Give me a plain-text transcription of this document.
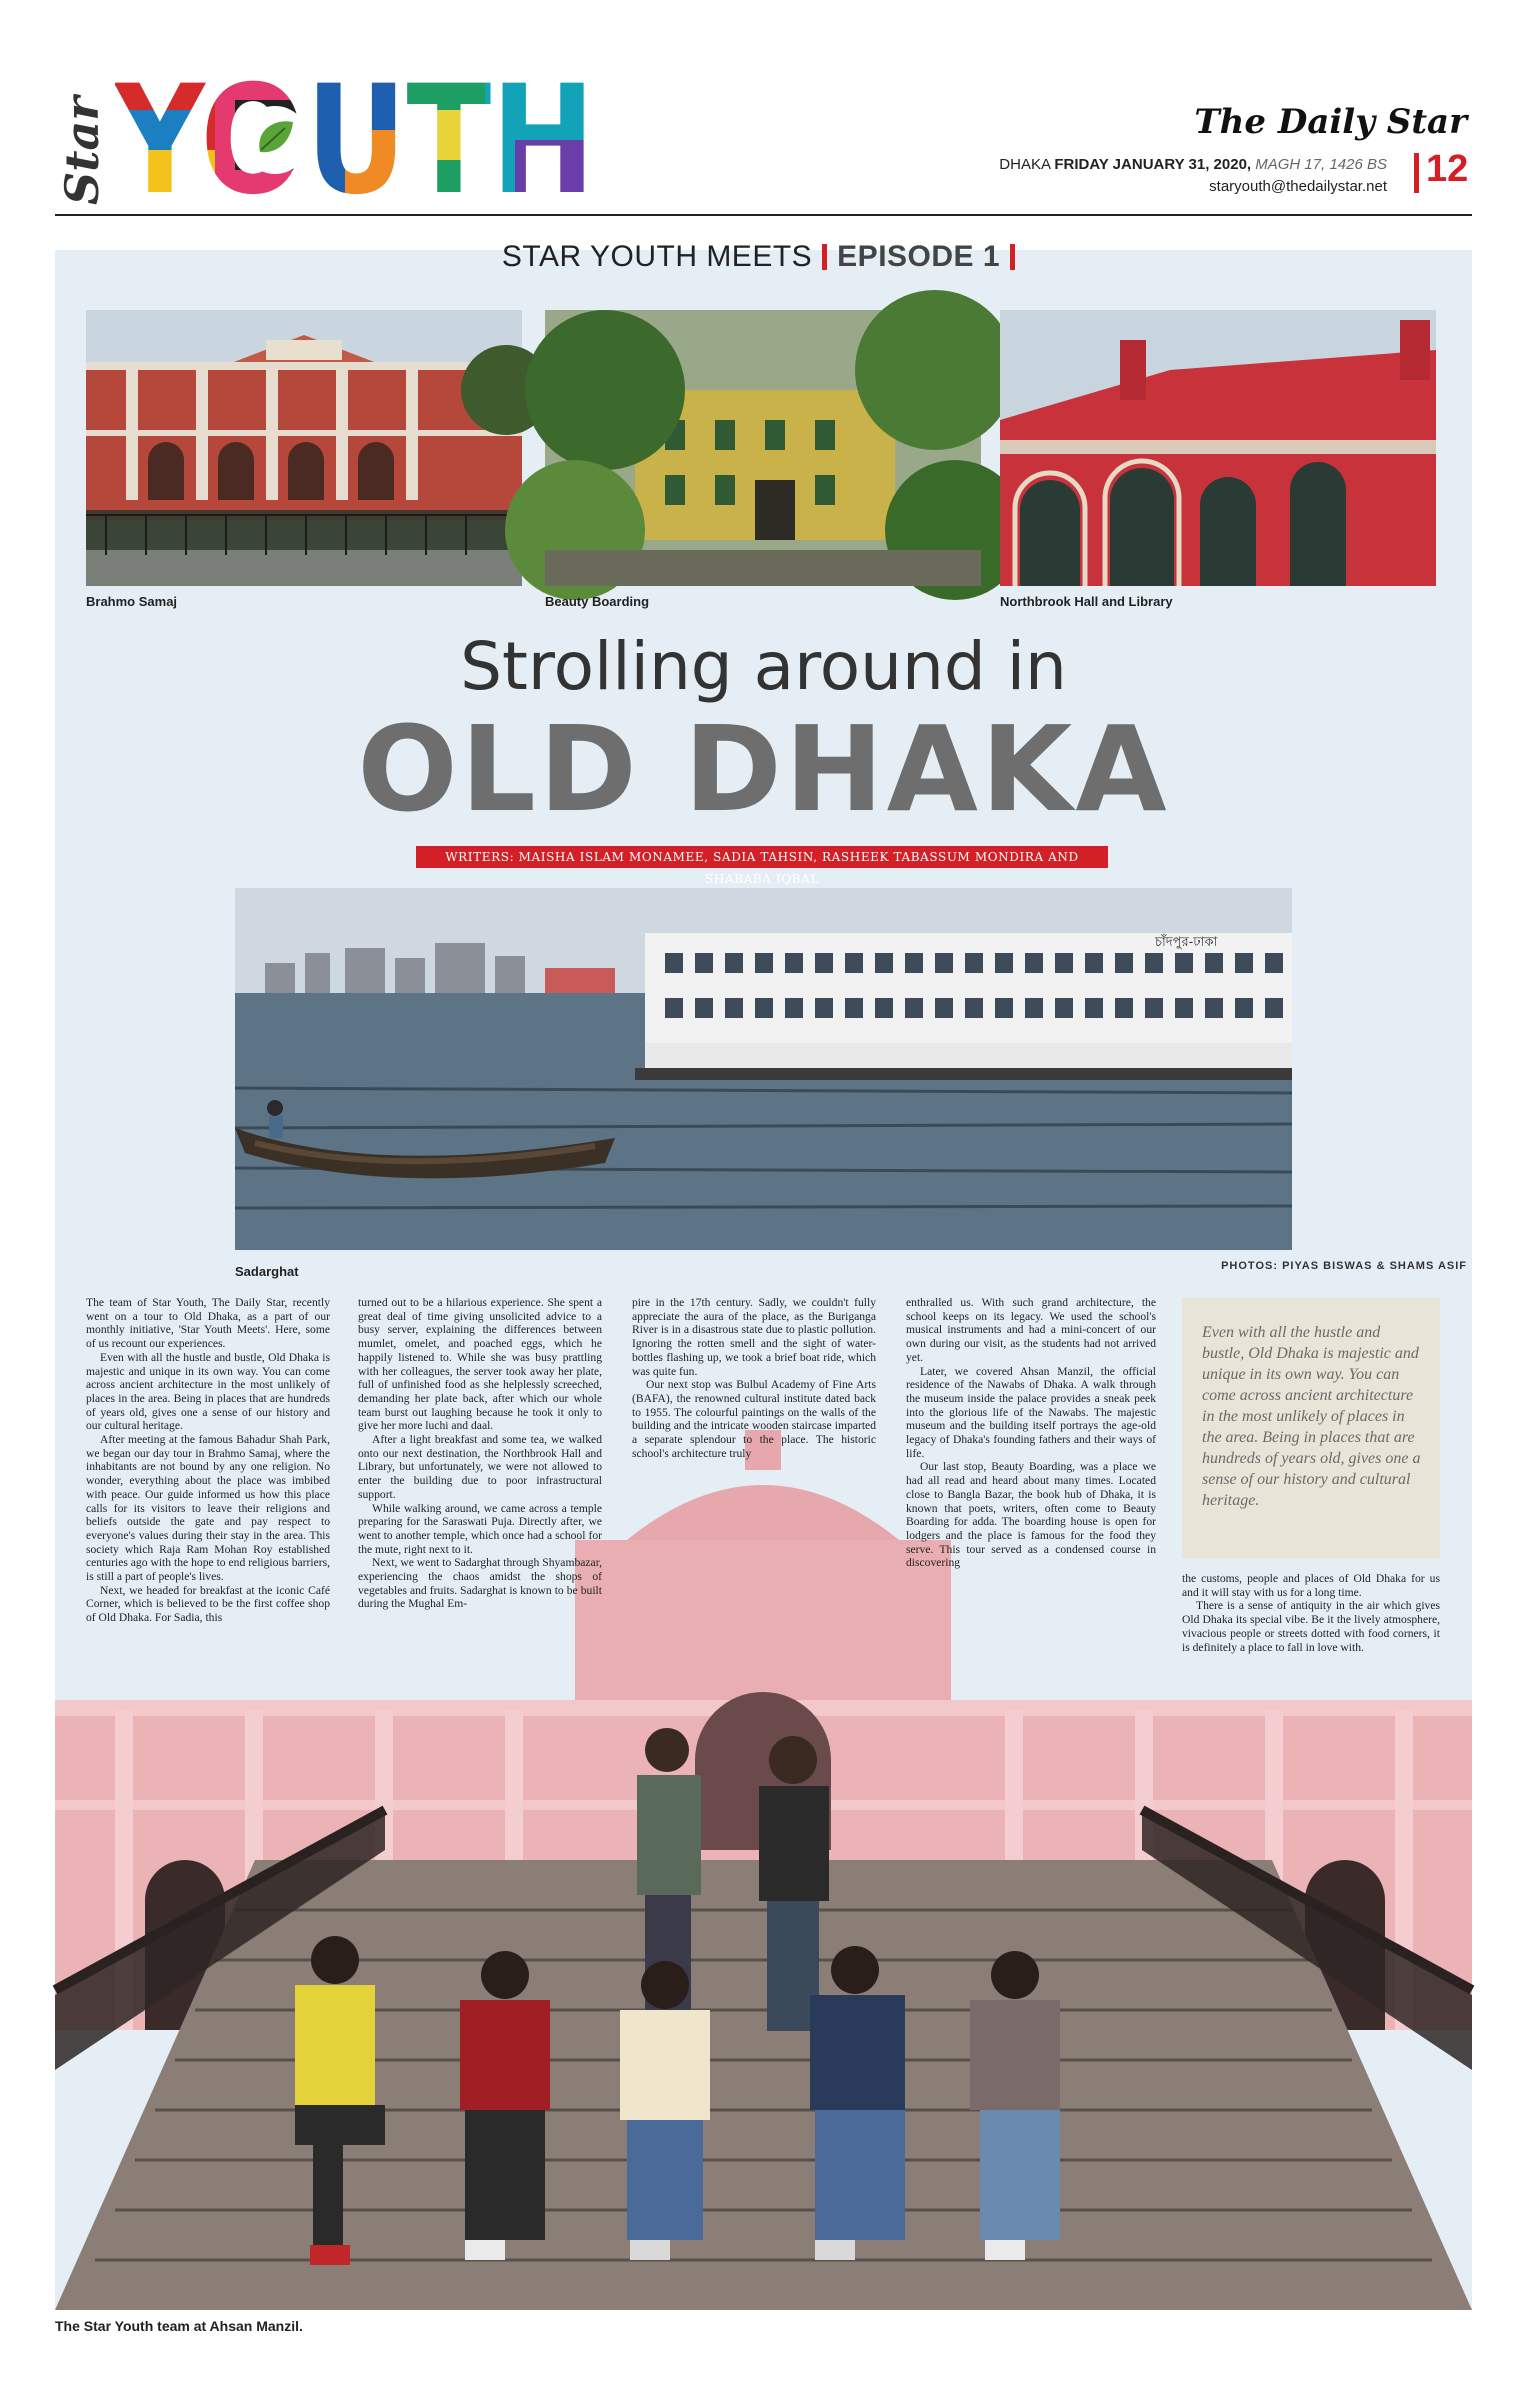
Star	The Daily Star
DHAKA FRIDAY JANUARY 31, 2020, MAGH 17, 1426 BS
staryouth@thedailystar.net 12
STAR YOUTH MEETS EPISODE 1
Brahmo Samaj	Beauty Boarding	Northbrook Hall and Library
Strolling around in
OLD DHAKA
WRITERS: MAISHA ISLAM MONAMEE, SADIA TAHSIN, RASHEEK TABASSUM MONDIRA AND SHABABA IQBAL
চাঁদপুর-ঢাকা
Sadarghat	PHOTOS: PIYAS BISWAS & SHAMS ASIF
The Star Youth team at Ahsan Manzil.

The team of Star Youth, The Daily Star, recently went on a tour to Old Dhaka, as a part of our monthly initiative, 'Star Youth Meets'. Here, some of us recount our experiences.

Even with all the hustle and bustle, Old Dhaka is majestic and unique in its own way. You can come across ancient architecture in the most unlikely of places in the area. Being in places that are hundreds of years old, gives one a sense of our history and our cultural heritage.

After meeting at the famous Bahadur Shah Park, we began our day tour in Brahmo Samaj, where the inhabitants are not bound by any one religion. No wonder, everything about the place was imbibed with peace. Our guide informed us how this place calls for its visitors to leave their religions and beliefs outside the gate and pay respect to everyone's values during their stay in the area. This society which Raja Ram Mohan Roy established centuries ago with the hope to end religious barriers, is still a part of people's lives.

Next, we headed for breakfast at the iconic Café Corner, which is believed to be the first coffee shop of Old Dhaka. For Sadia, this

turned out to be a hilarious experience. She spent a great deal of time giving unsolicited advice to a busy server, explaining the differences between mumlet, omelet, and poached eggs, which he happily listened to. While she was busy prattling with her colleagues, the server took away her plate, full of unfinished food as she helplessly screeched, demanding her plate back, after which our whole team burst out laughing because he took it only to give her more luchi and daal.

After a light breakfast and some tea, we walked onto our next destination, the Northbrook Hall and Library, but unfortunately, we were not allowed to enter the building due to poor infrastructural support.

While walking around, we came across a temple preparing for the Saraswati Puja. Directly after, we went to another temple, which once had a school for the mute, right next to it.

Next, we went to Sadarghat through Shyambazar, experiencing the chaos amidst the shops of vegetables and fruits. Sadarghat is known to be built during the Mughal Em-

pire in the 17th century. Sadly, we couldn't fully appreciate the aura of the place, as the Buriganga River is in a disastrous state due to plastic pollution. Ignoring the rotten smell and the sight of water-bottles flashing up, we took a brief boat ride, which was quite fun.

Our next stop was Bulbul Academy of Fine Arts (BAFA), the renowned cultural institute dated back to 1955. The colourful paintings on the walls of the building and the intricate wooden staircase imparted a separate splendour to the place. The historic school's architecture truly

enthralled us. With such grand architecture, the school keeps on its legacy. We used the school's musical instruments and had a mini-concert of our own during our visit, as the students had not arrived yet.

Later, we covered Ahsan Manzil, the official residence of the Nawabs of Dhaka. A walk through the museum inside the palace provides a sneak peek into the glorious life of the Nawabs. The majestic museum and the building itself portrays the age-old legacy of Dhaka's founding fathers and their ways of life.

Our last stop, Beauty Boarding, was a place we had all read and heard about many times. Located close to Bangla Bazar, the book hub of Dhaka, it is known that poets, writers, often come to Beauty Boarding for adda. The boarding house is open for lodgers and the place is famous for the food they serve. This tour served as a condensed course in discovering

Even with all the hustle and bustle, Old Dhaka is majestic and unique in its own way. You can come across ancient architecture in the most unlikely of places in the area. Being in places that are hundreds of years old, gives one a sense of our history and cultural heritage.

the customs, people and places of Old Dhaka for us and it will stay with us for a long time.

There is a sense of antiquity in the air which gives Old Dhaka its special vibe. Be it the lively atmosphere, vivacious people or streets dotted with food corners, it is definitely a place to fall in love with.
